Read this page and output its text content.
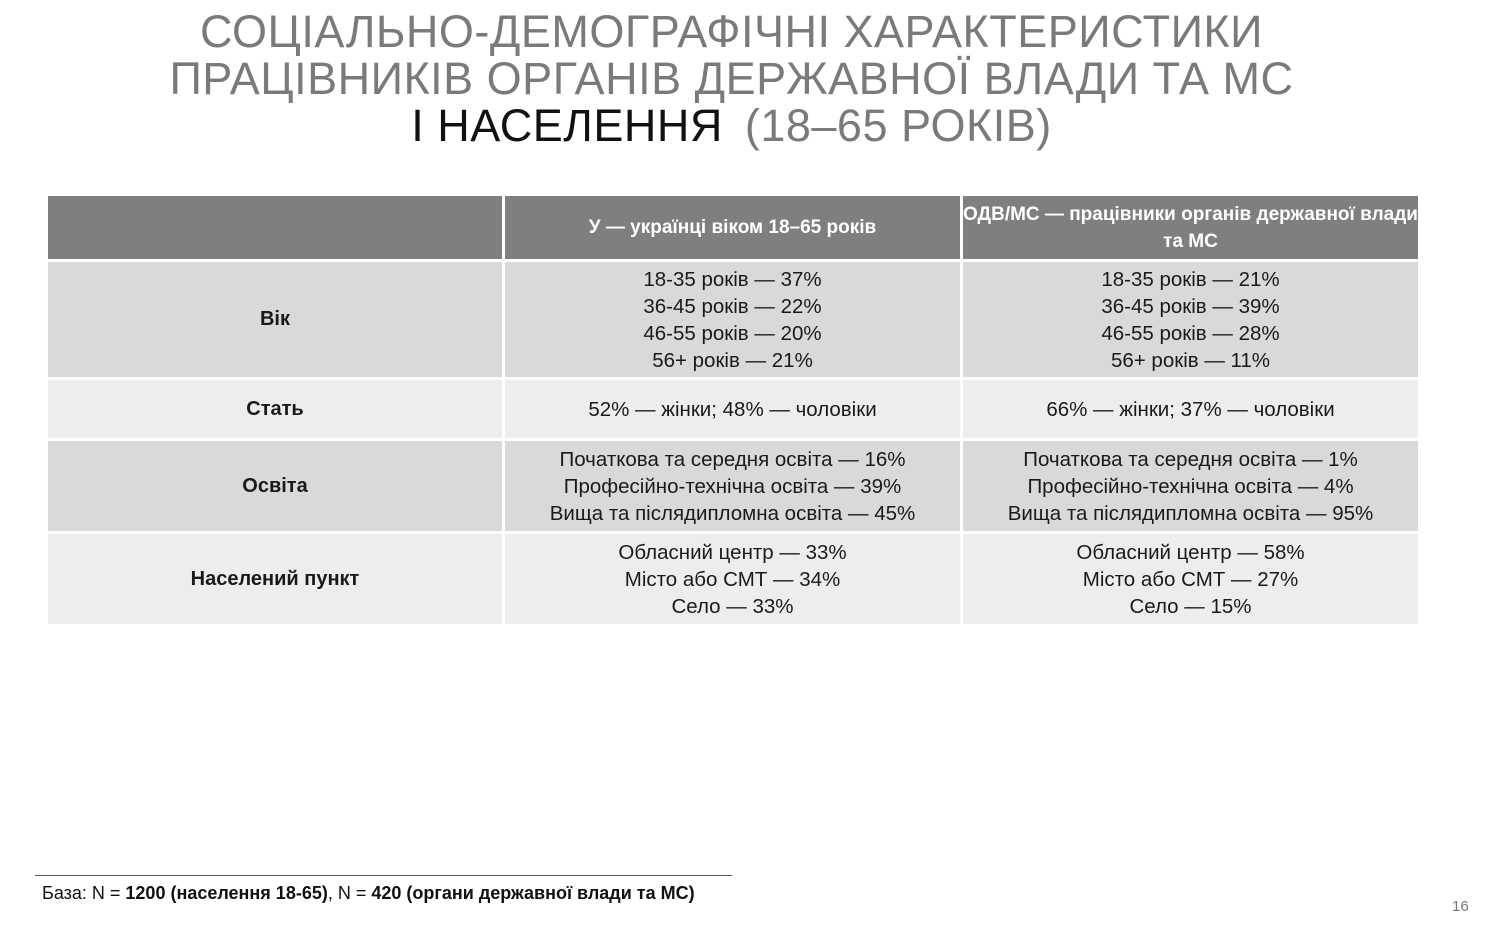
СОЦІАЛЬНО-ДЕМОГРАФІЧНІ ХАРАКТЕРИСТИКИ
ПРАЦІВНИКІВ ОРГАНІВ ДЕРЖАВНОЇ ВЛАДИ ТА МС
І НАСЕЛЕННЯ (18–65 РОКІВ)
	У — українці віком 18–65 років	ОДВ/МС — працівники органів державної влади та МС
Вік	18-35 років — 37%
36-45 років — 22%
46-55 років — 20%
56+ років — 21%	18-35 років — 21%
36-45 років — 39%
46-55 років — 28%
56+ років — 11%

Стать	52% — жінки; 48% — чоловіки	66% — жінки; 37% — чоловіки

Освіта	Початкова та середня освіта — 16%
Професійно-технічна освіта — 39%
Вища та післядипломна освіта — 45%	Початкова та середня освіта — 1%
Професійно-технічна освіта — 4%
Вища та післядипломна освіта — 95%

Населений пункт	Обласний центр — 33%
Місто або СМТ — 34%
Село — 33%	Обласний центр — 58%
Місто або СМТ — 27%
Село — 15%
База: N = 1200 (населення 18-65), N = 420 (органи державної влади та МС)
16
